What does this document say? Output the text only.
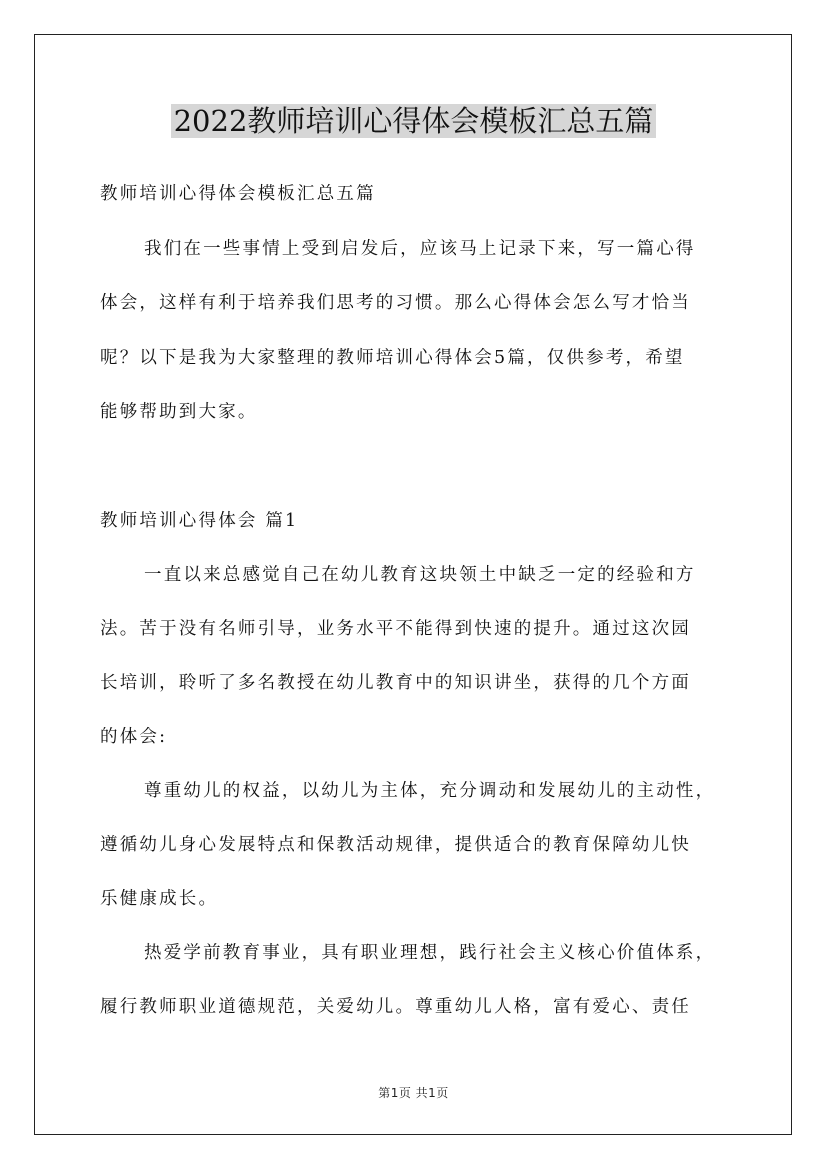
2022教师培训心得体会模板汇总五篇
教师培训心得体会模板汇总五篇
我们在一些事情上受到启发后，应该马上记录下来，写一篇心得
体会，这样有利于培养我们思考的习惯。那么心得体会怎么写才恰当
呢？以下是我为大家整理的教师培训心得体会5篇，仅供参考，希望
能够帮助到大家。
教师培训心得体会 篇1
一直以来总感觉自己在幼儿教育这块领土中缺乏一定的经验和方
法。苦于没有名师引导，业务水平不能得到快速的提升。通过这次园
长培训，聆听了多名教授在幼儿教育中的知识讲坐，获得的几个方面
的体会:
尊重幼儿的权益，以幼儿为主体，充分调动和发展幼儿的主动性，
遵循幼儿身心发展特点和保教活动规律，提供适合的教育保障幼儿快
乐健康成长。
热爱学前教育事业，具有职业理想，践行社会主义核心价值体系，
履行教师职业道德规范，关爱幼儿。尊重幼儿人格，富有爱心、责任
第1页 共1页
